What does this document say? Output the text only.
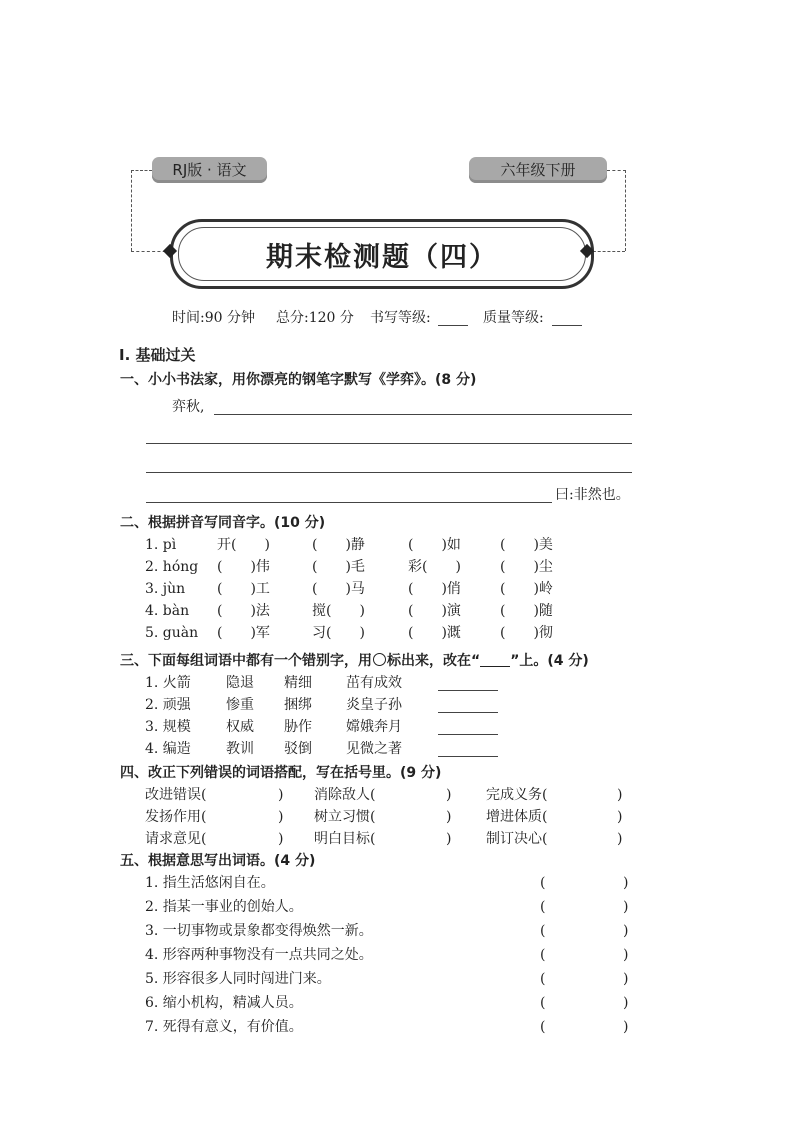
RJ版 · 语文	六年级下册
期末检测题（四）
时间:90 分钟 总分:120 分 书写等级:	质量等级:
Ⅰ. 基础过关
一、小小书法家，用你漂亮的钢笔字默写《学弈》。(8 分)
弈秋,
曰:非然也。
二、根据拼音写同音字。(10 分)
1. pì	开(　　)	(　　)静	(　　)如	(　　)美
2. hóng (　　)伟	(　　)毛	彩(　　)	(　　)尘
3. jùn (　　)工	(　　)马	(　　)俏	(　　)岭
4. bàn (　　)法	搅(　　)	(　　)演	(　　)随
5. guàn (　　)军	习(　　)	(　　)溉	(　　)彻
三、下面每组词语中都有一个错别字，用 标出来，改在“ ”上。(4 分)
1. 火箭	隐退 精细 茁有成效
2. 顽强	惨重 捆绑 炎皇子孙
3. 规模	权威 胁作 嫦娥奔月
4. 编造	教训 驳倒 见微之著
四、改正下列错误的词语搭配，写在括号里。(9 分)
改进错误(	) 消除敌人(	) 完成义务(	)
发扬作用(	) 树立习惯(	) 增进体质(	)
请求意见(	) 明白目标(	) 制订决心(	)
五、根据意思写出词语。(4 分)
1. 指生活悠闲自在。	(	)
2. 指某一事业的创始人。	(	)
3. 一切事物或景象都变得焕然一新。	(	)
4. 形容两种事物没有一点共同之处。	(	)
5. 形容很多人同时闯进门来。	(	)
6. 缩小机构，精减人员。	(	)
7. 死得有意义，有价值。	(	)
